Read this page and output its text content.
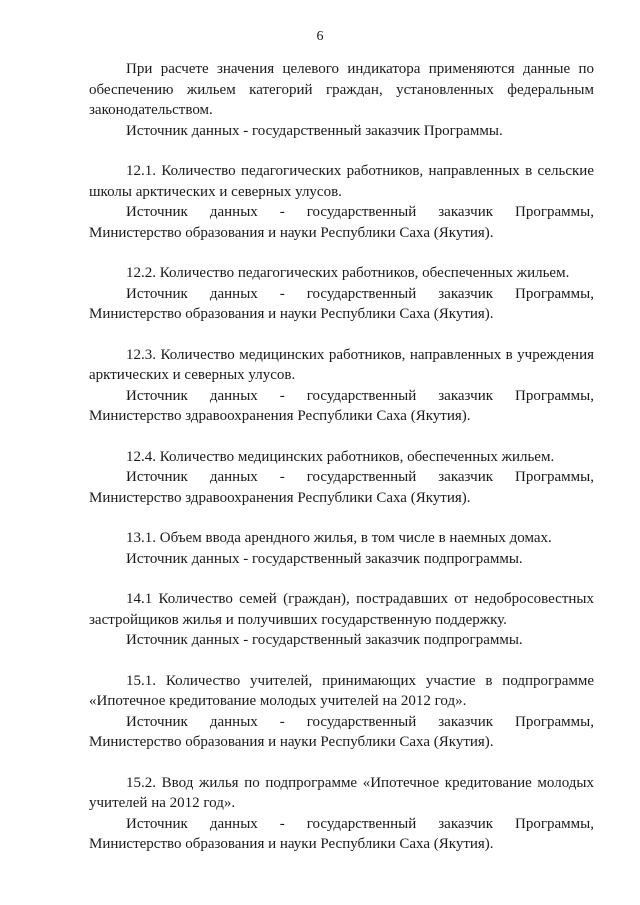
6

При расчете значения целевого индикатора применяются данные по обеспечению жильем категорий граждан, установленных федеральным законодательством.

Источник данных - государственный заказчик Программы.

12.1. Количество педагогических работников, направленных в сельские школы арктических и северных улусов.

Источник данных - государственный заказчик Программы, Министерство образования и науки Республики Саха (Якутия).

12.2. Количество педагогических работников, обеспеченных жильем.

Источник данных - государственный заказчик Программы, Министерство образования и науки Республики Саха (Якутия).

12.3. Количество медицинских работников, направленных в учреждения арктических и северных улусов.

Источник данных - государственный заказчик Программы, Министерство здравоохранения Республики Саха (Якутия).

12.4. Количество медицинских работников, обеспеченных жильем.

Источник данных - государственный заказчик Программы, Министерство здравоохранения Республики Саха (Якутия).

13.1. Объем ввода арендного жилья, в том числе в наемных домах.

Источник данных - государственный заказчик подпрограммы.

14.1 Количество семей (граждан), пострадавших от недобросовестных застройщиков жилья и получивших государственную поддержку.

Источник данных - государственный заказчик подпрограммы.

15.1. Количество учителей, принимающих участие в подпрограмме «Ипотечное кредитование молодых учителей на 2012 год».

Источник данных - государственный заказчик Программы, Министерство образования и науки Республики Саха (Якутия).

15.2. Ввод жилья по подпрограмме «Ипотечное кредитование молодых учителей на 2012 год».

Источник данных - государственный заказчик Программы, Министерство образования и науки Республики Саха (Якутия).
